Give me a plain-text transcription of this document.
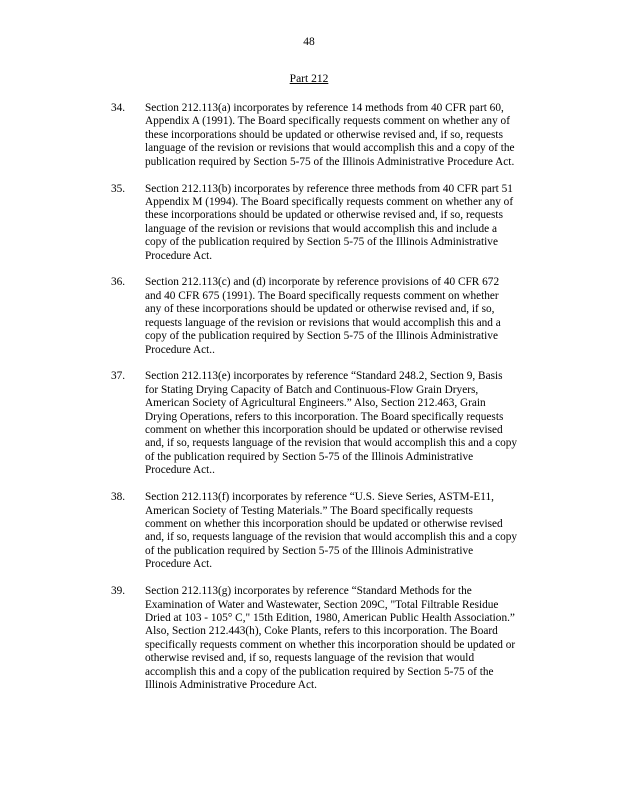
48
Part 212
34. Section 212.113(a) incorporates by reference 14 methods from 40 CFR part 60,
Appendix A (1991). The Board specifically requests comment on whether any of
these incorporations should be updated or otherwise revised and, if so, requests
language of the revision or revisions that would accomplish this and a copy of the
publication required by Section 5-75 of the Illinois Administrative Procedure Act.
35. Section 212.113(b) incorporates by reference three methods from 40 CFR part 51
Appendix M (1994). The Board specifically requests comment on whether any of
these incorporations should be updated or otherwise revised and, if so, requests
language of the revision or revisions that would accomplish this and include a
copy of the publication required by Section 5-75 of the Illinois Administrative
Procedure Act.
36. Section 212.113(c) and (d) incorporate by reference provisions of 40 CFR 672
and 40 CFR 675 (1991). The Board specifically requests comment on whether
any of these incorporations should be updated or otherwise revised and, if so,
requests language of the revision or revisions that would accomplish this and a
copy of the publication required by Section 5-75 of the Illinois Administrative
Procedure Act..
37. Section 212.113(e) incorporates by reference “Standard 248.2, Section 9, Basis
for Stating Drying Capacity of Batch and Continuous-Flow Grain Dryers,
American Society of Agricultural Engineers.” Also, Section 212.463, Grain
Drying Operations, refers to this incorporation. The Board specifically requests
comment on whether this incorporation should be updated or otherwise revised
and, if so, requests language of the revision that would accomplish this and a copy
of the publication required by Section 5-75 of the Illinois Administrative
Procedure Act..
38. Section 212.113(f) incorporates by reference “U.S. Sieve Series, ASTM-E11,
American Society of Testing Materials.” The Board specifically requests
comment on whether this incorporation should be updated or otherwise revised
and, if so, requests language of the revision that would accomplish this and a copy
of the publication required by Section 5-75 of the Illinois Administrative
Procedure Act.
39. Section 212.113(g) incorporates by reference “Standard Methods for the
Examination of Water and Wastewater, Section 209C, "Total Filtrable Residue
Dried at 103 - 105° C," 15th Edition, 1980, American Public Health Association.”
Also, Section 212.443(h), Coke Plants, refers to this incorporation. The Board
specifically requests comment on whether this incorporation should be updated or
otherwise revised and, if so, requests language of the revision that would
accomplish this and a copy of the publication required by Section 5-75 of the
Illinois Administrative Procedure Act.
